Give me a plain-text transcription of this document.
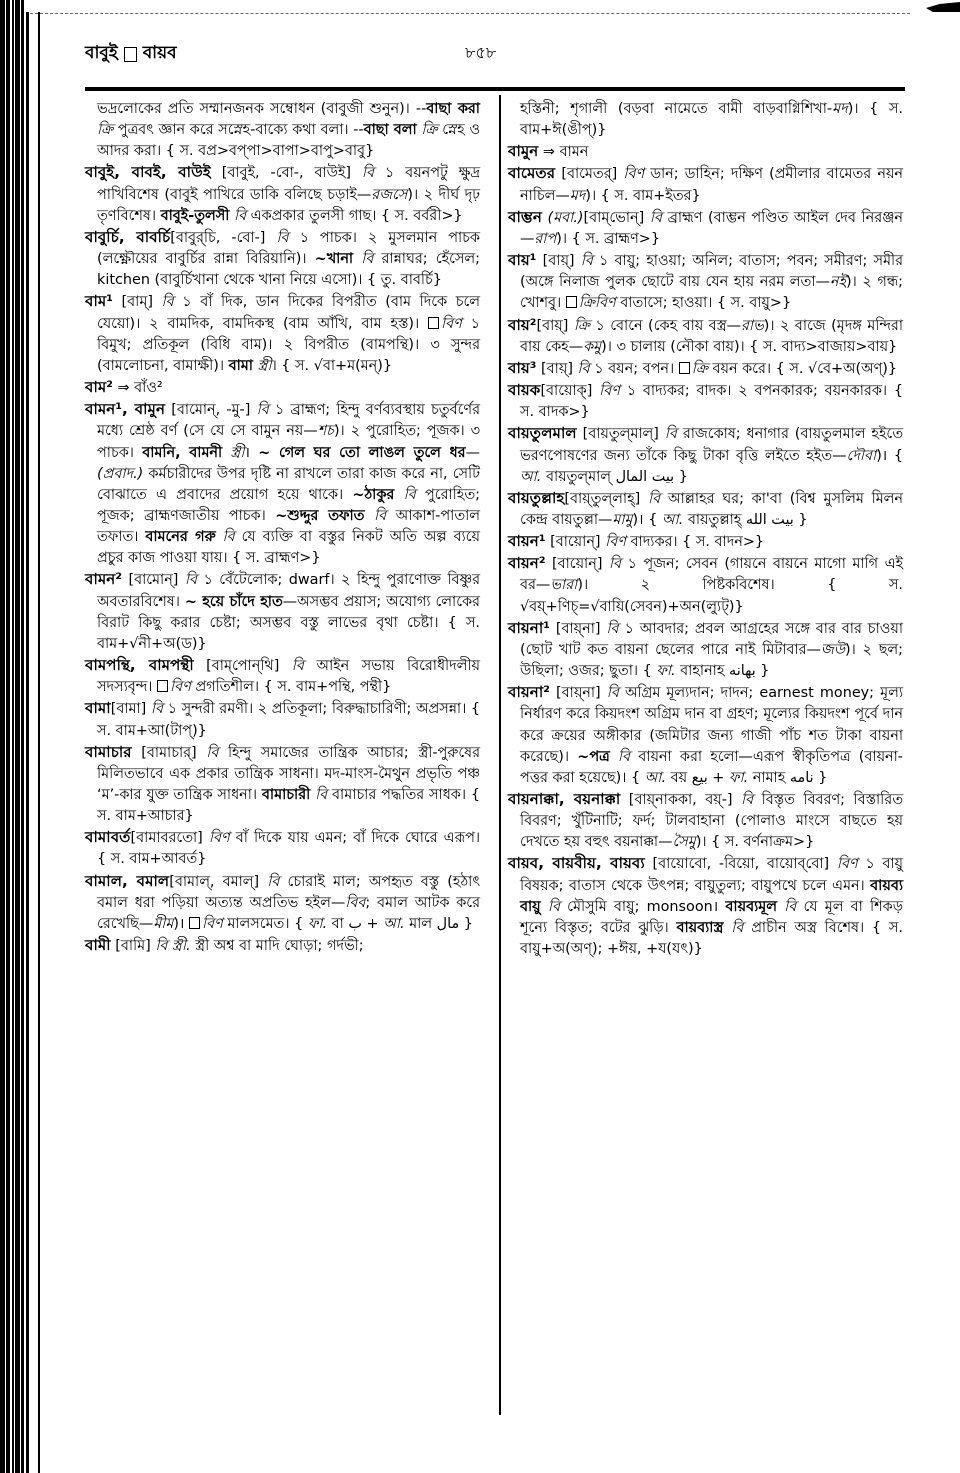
বাবুই বায়ব	৮৫৮

ভদ্রলোকের প্রতি সম্মানজনক সম্বোধন (বাবুজী শুনুন)। --বাছা করা ক্রি পুত্রবৎ জ্ঞান করে সস্নেহ-বাক্যে কথা বলা। --বাছা বলা ক্রি স্নেহ ও আদর করা। { স. বপ্র>বপ্‌পা>বাপা>বাপু>বাবু}

বাবুই, বাবই, বাউই [বাবুই, -বো-, বাউই] বি ১ বয়নপটু ক্ষুদ্র পাখিবিশেষ (বাবুই পাখিরে ডাকি বলিছে চড়াই—রজসে)। ২ দীর্ঘ দৃঢ় তৃণবিশেষ। বাবুই-তুলসী বি একপ্রকার তুলসী গাছ। { স. বর্বরী>}

বাবুর্চি, বাবর্চি[বাবুর্‌চি, -বো-] বি ১ পাচক। ২ মুসলমান পাচক (লক্ষ্ণৌয়ের বাবুর্চির রান্না বিরিয়ানি)। ~খানা বি রান্নাঘর; হেঁসেল; kitchen (বাবুর্চিখানা থেকে খানা নিয়ে এসো)। { তু. বাবর্চি}

বাম¹ [বাম্‌] বি ১ বাঁ দিক, ডান দিকের বিপরীত (বাম দিকে চলে যেয়ো)। ২ বামদিক, বামদিকস্থ (বাম আঁখি, বাম হস্ত)। বিণ ১ বিমুখ; প্রতিকূল (বিধি বাম)। ২ বিপরীত (বামপন্থি)। ৩ সুন্দর (বামলোচনা, বামাক্ষী)। বামা স্ত্রী। { স. √বা+ম(মন্‌)}

বাম² ⇒ বাঁও²

বামন¹, বামুন [বামোন্‌, -মু-] বি ১ ব্রাহ্মণ; হিন্দু বর্ণব্যবস্থায় চতুর্বর্ণের মধ্যে শ্রেষ্ঠ বর্ণ (সে যে সে বামুন নয়—শচ)। ২ পুরোহিত; পূজক। ৩ পাচক। বামনি, বামনী স্ত্রী। ~ গেল ঘর তো লাঙল তুলে ধর— (প্রবাদ.) কর্মচারীদের উপর দৃষ্টি না রাখলে তারা কাজ করে না, সেটি বোঝাতে এ প্রবাদের প্রয়োগ হয়ে থাকে। ~ঠাকুর বি পুরোহিত; পূজক; ব্রাহ্মণজাতীয় পাচক। ~শুদ্দুর তফাত বি আকাশ-পাতাল তফাত। বামনের গরু বি যে ব্যক্তি বা বস্তুর নিকট অতি অল্প ব্যয়ে প্রচুর কাজ পাওয়া যায়। { স. ব্রাহ্মণ>}

বামন² [বামোন্‌] বি ১ বেঁটেলোক; dwarf। ২ হিন্দু পুরাণোক্ত বিষ্ণুর অবতারবিশেষ। ~ হয়ে চাঁদে হাত—অসম্ভব প্রয়াস; অযোগ্য লোকের বিরাট কিছু করার চেষ্টা; অসম্ভব বস্তু লাভের বৃথা চেষ্টা। { স. বাম+√নী+অ(ড)}

বামপন্থি, বামপন্থী [বাম্‌পোন্‌থি] বি আইন সভায় বিরোধীদলীয় সদস্যবৃন্দ। বিণ প্রগতিশীল। { স. বাম+পন্থি, পন্থী}

বামা[বামা] বি ১ সুন্দরী রমণী। ২ প্রতিকূলা; বিরুদ্ধাচারিণী; অপ্রসন্না। { স. বাম+আ(টাপ্‌)}

বামাচার [বামাচার্‌] বি হিন্দু সমাজের তান্ত্রিক আচার; স্ত্রী-পুরুষের মিলিতভাবে এক প্রকার তান্ত্রিক সাধনা। মদ-মাংস-মৈথুন প্রভৃতি পঞ্চ ‘ম’-কার যুক্ত তান্ত্রিক সাধনা। বামাচারী বি বামাচার পদ্ধতির সাধক। { স. বাম+আচার}

বামাবর্ত[বামাবরতো] বিণ বাঁ দিকে যায় এমন; বাঁ দিকে ঘোরে এরূপ। { স. বাম+আবর্ত}

বামাল, বমাল[বামাল্‌, বমাল্‌] বি চোরাই মাল; অপহৃত বস্তু (হঠাৎ বমাল ধরা পড়িয়া অত্যন্ত অপ্রতিভ হইল—বিব; বমাল আটক করে রেখেছি—মীম)। বিণ মালসমেত। { ফা. বা ب + আ. মাল مال }

বামী [বামি] বি স্ত্রী. স্ত্রী অশ্ব বা মাদি ঘোড়া; গর্দভী;

হস্তিনী; শৃগালী (বড়বা নামেতে বামী বাড়বাগ্নিশিখা-মদ)। { স. বাম+ঈ(ঙীপ্‌)}

বামুন ⇒ বামন

বামেতর [বামেতর্‌] বিণ ডান; ডাহিন; দক্ষিণ (প্রমীলার বামেতর নয়ন নাচিল—মদ)। { স. বাম+ইতর}

বাম্ভন (মবা.)[বাম্‌ভোন্‌] বি ব্রাহ্মণ (বাম্ভন পণ্ডিত আইল দেব নিরঞ্জন—রাপ)। { স. ব্রাহ্মণ>}

বায়¹ [বায়্‌] বি ১ বায়ু; হাওয়া; অনিল; বাতাস; পবন; সমীরণ; সমীর (অঙ্গে নিলাজ পুলক ছোটে বায় যেন হায় নরম লতা—নই)। ২ গন্ধ; খোশবু। ক্রিবিণ বাতাসে; হাওয়া। { স. বায়ু>}

বায়²[বায়্‌] ক্রি ১ বোনে (কেহ বায় বস্ত্র—রাভ)। ২ বাজে (মৃদঙ্গ মন্দিরা বায় কেহ—কমু)। ৩ চালায় (নৌকা বায়)। { স. বাদ্য>বাজায়>বায়}

বায়³ [বায়্‌] বি ১ বয়ন; বপন। ক্রি বয়ন করে। { স. √বে+অ(অণ্‌)}

বায়ক[বায়োক্‌] বিণ ১ বাদ্যকর; বাদক। ২ বপনকারক; বয়নকারক। { স. বাদক>}

বায়তুলমাল [বায়তুল্‌মাল্‌] বি রাজকোষ; ধনাগার (বায়তুলমাল হইতে ভরণপোষণের জন্য তাঁকে কিছু টাকা বৃত্তি লইতে হইত—দৌবা)। { আ. বায়তুল্‌মাল্‌ بيت المال }

বায়তুল্লাহ[বায়্‌তুল্‌লাহ্‌] বি আল্লাহর ঘর; কা'বা (বিশ্ব মুসলিম মিলন কেন্দ্র বায়তুল্লা—মামু)। { আ. বায়তুল্লাহ্‌ بيت الله }

বায়ন¹ [বায়োন্‌] বিণ বাদ্যকর। { স. বাদন>}

বায়ন² [বায়োন্‌] বি ১ পূজন; সেবন (গায়নে বায়নে মাগো মাগি এই বর—ভারা)। ২ পিষ্টকবিশেষ। { স. √বয়্‌+ণিচ্‌=√বায়ি(সেবন)+অন(ল্যুট্‌)}

বায়না¹ [বায়্‌না] বি ১ আবদার; প্রবল আগ্রহের সঙ্গে বার বার চাওয়া (ছোট খাট কত বায়না ছেলের পারে নাই মিটাবার—জউ)। ২ ছল; উছিলা; ওজর; ছুতা। { ফা. বাহানাহ بهانه }

বায়না² [বায়্‌না] বি অগ্রিম মূল্যদান; দাদন; earnest money; মূল্য নির্ধারণ করে কিয়দংশ অগ্রিম দান বা গ্রহণ; মূল্যের কিয়দংশ পূর্বে দান করে ক্রয়ের অঙ্গীকার (জমিটার জন্য গাজী পাঁচ শত টাকা বায়না করেছে)। ~পত্র বি বায়না করা হলো—এরূপ স্বীকৃতিপত্র (বায়না-পত্তর করা হয়েছে)। { আ. বয় بيع + ফা. নামাহ نامه }

বায়নাক্কা, বয়নাক্কা [বায়্‌নাককা, বয়্‌-] বি বিস্তৃত বিবরণ; বিস্তারিত বিবরণ; খুঁটিনাটি; ফর্দ; টালবাহানা (পোলাও মাংসে বাছতে হয় দেখতে হয় বহুৎ বয়নাক্কা—সৈমু)। { স. বর্ণনাক্রম>}

বায়ব, বায়বীয়, বায়ব্য [বায়োবো, -বিয়ো, বায়োব্‌বো] বিণ ১ বায়ু বিষয়ক; বাতাস থেকে উৎপন্ন; বায়ুতুল্য; বায়ুপথে চলে এমন। বায়ব্য বায়ু বি মৌসুমি বায়ু; monsoon। বায়ব্যমূল বি যে মূল বা শিকড় শূন্যে বিস্তৃত; বটের ঝুড়ি। বায়ব্যাস্ত্র বি প্রাচীন অস্ত্র বিশেষ। { স. বায়ু+অ(অণ্‌); +ঈয়, +য(যৎ)}
